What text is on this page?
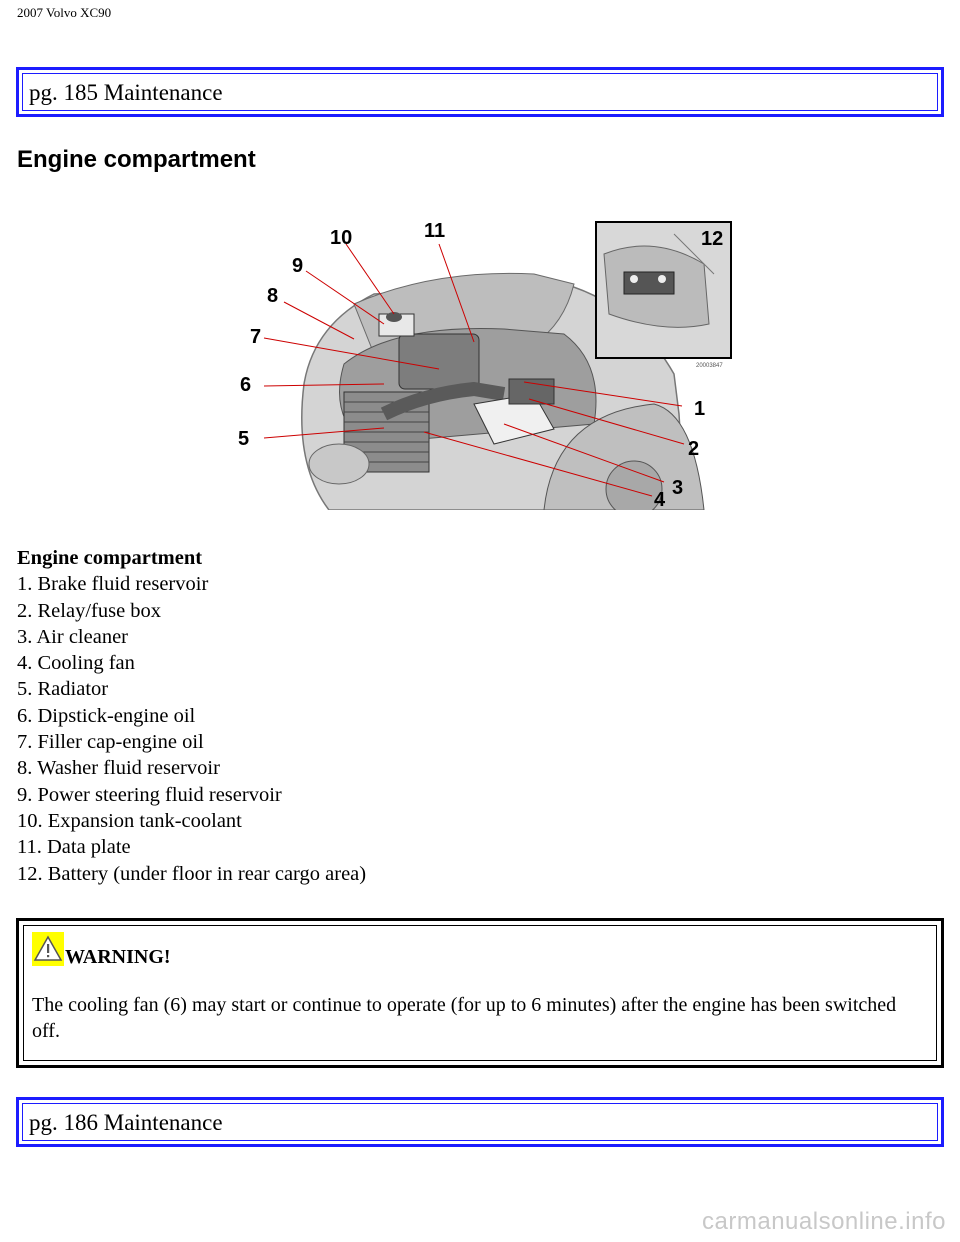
2007 Volvo XC90
pg. 185 Maintenance
Engine compartment
20003847
1
2
3
4
5
6
7
8
9
10	11	12
Engine compartment
1. Brake fluid reservoir
2. Relay/fuse box
3. Air cleaner
4. Cooling fan
5. Radiator
6. Dipstick-engine oil
7. Filler cap-engine oil
8. Washer fluid reservoir
9. Power steering fluid reservoir
10. Expansion tank-coolant
11. Data plate
12. Battery (under floor in rear cargo area)
WARNING!
The cooling fan (6) may start or continue to operate (for up to 6 minutes) after the engine has been switched off.
pg. 186 Maintenance
carmanualsonline.info
